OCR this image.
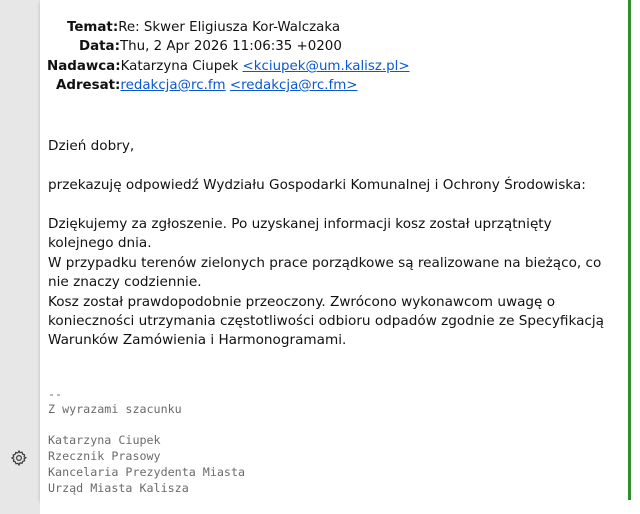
Temat:Re: Skwer Eligiusza Kor-Walczaka
Data:Thu, 2 Apr 2026 11:06:35 +0200
Nadawca:Katarzyna Ciupek <kciupek@um.kalisz.pl>
Adresat:redakcja@rc.fm <redakcja@rc.fm>
Dzień dobry,
przekazuję odpowiedź Wydziału Gospodarki Komunalnej i Ochrony Środowiska:
Dziękujemy za zgłoszenie. Po uzyskanej informacji kosz został uprzątnięty kolejnego dnia.
W przypadku terenów zielonych prace porządkowe są realizowane na bieżąco, co nie znaczy codziennie.
Kosz został prawdopodobnie przeoczony. Zwrócono wykonawcom uwagę o konieczności utrzymania częstotliwości odbioru odpadów zgodnie ze Specyfikacją Warunków Zamówienia i Harmonogramami.
--
Z wyrazami szacunku
Katarzyna Ciupek
Rzecznik Prasowy
Kancelaria Prezydenta Miasta
Urząd Miasta Kalisza
